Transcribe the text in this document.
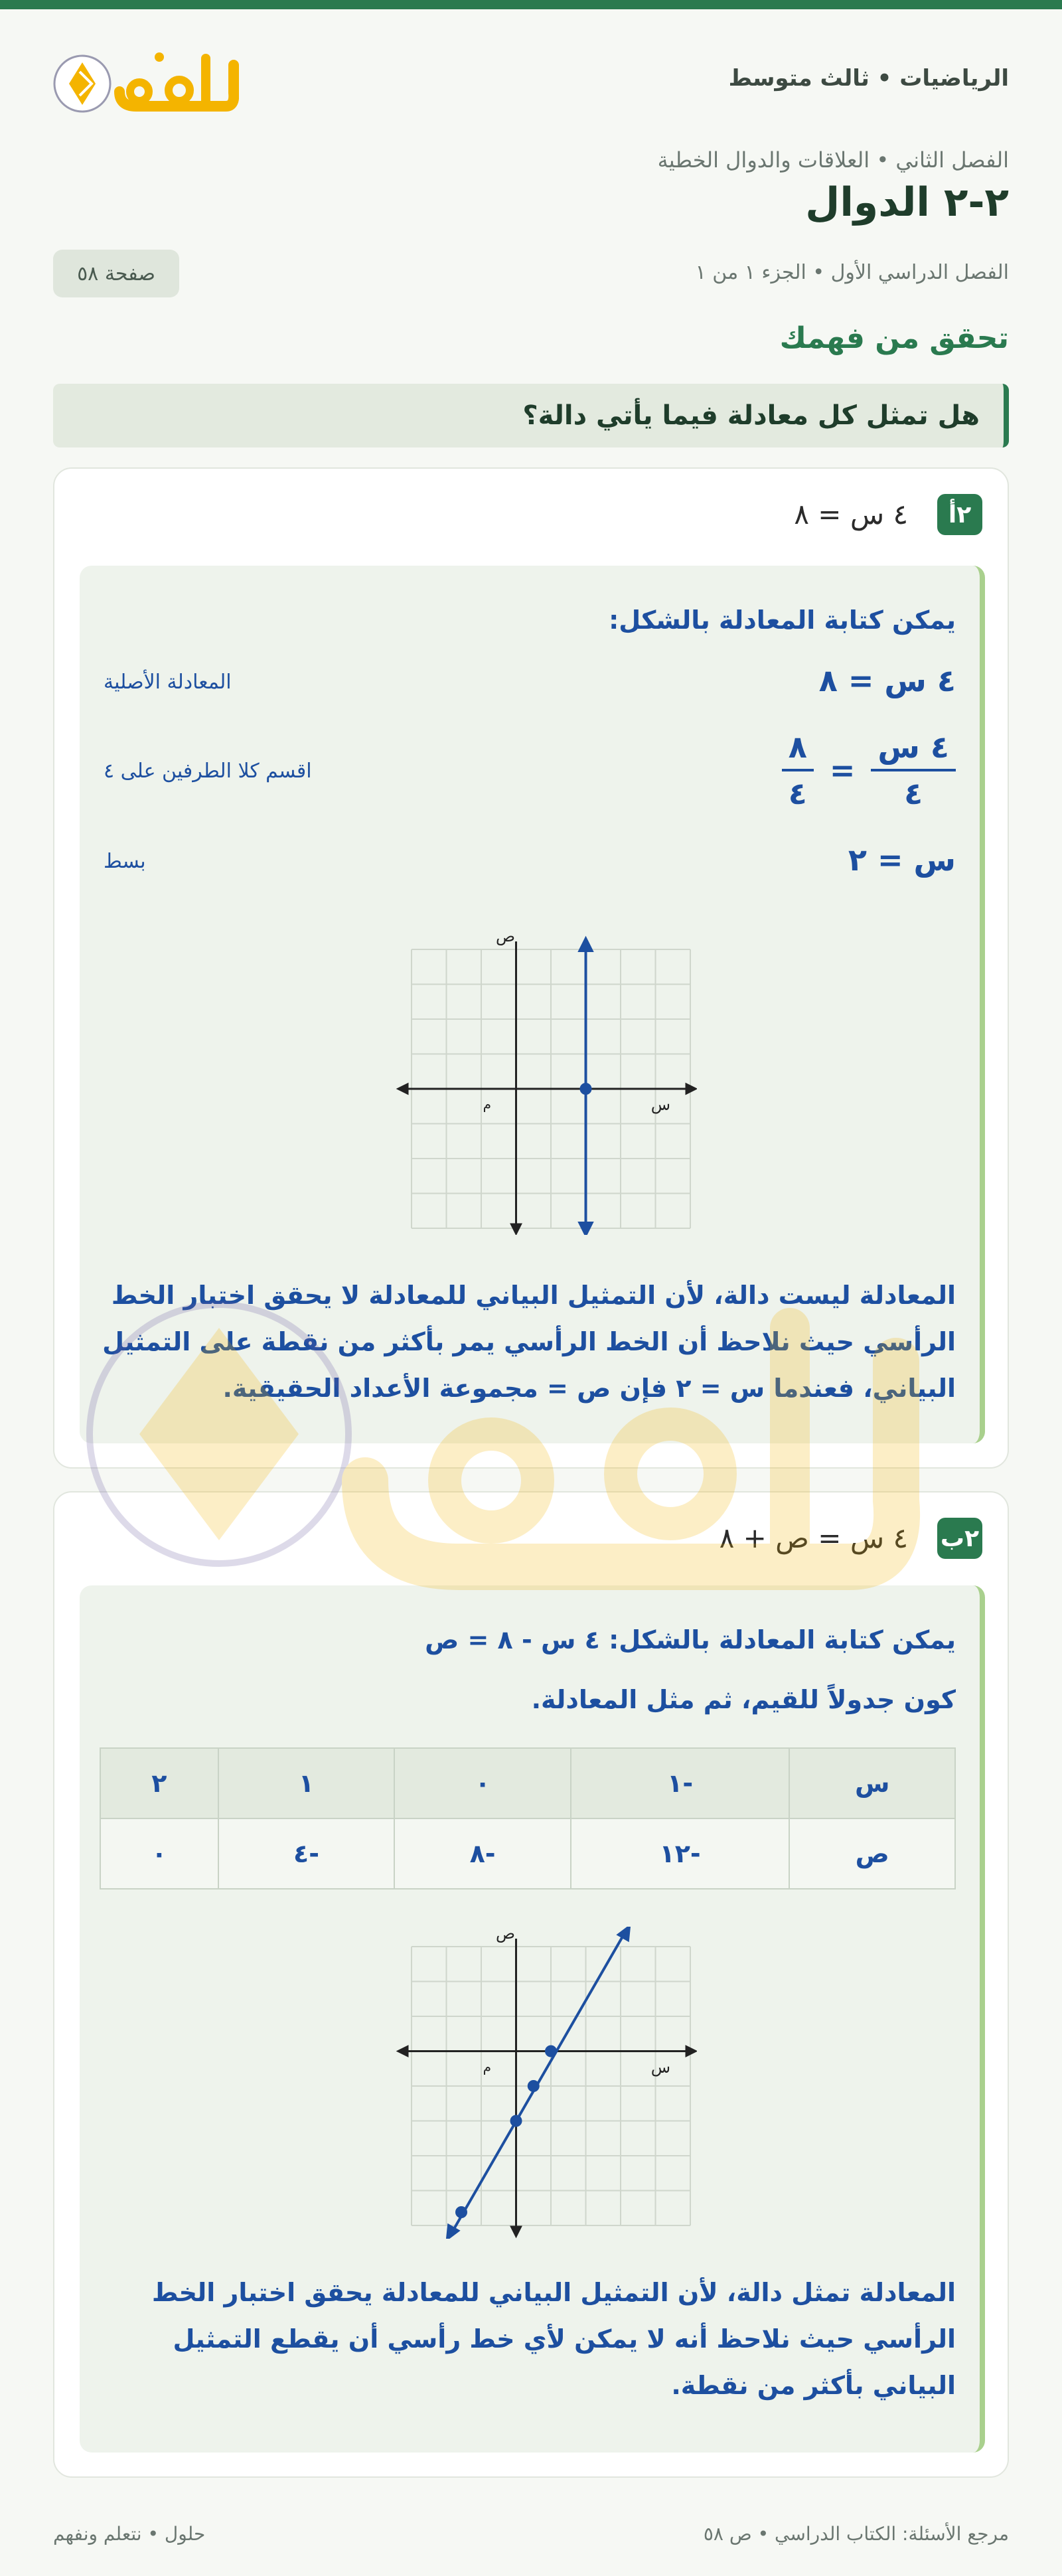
الرياضيات • ثالث متوسط
الفصل الثاني • العلاقات والدوال الخطية
٢-٢ الدوال
الفصل الدراسي الأول • الجزء ١ من ١
صفحة ٥٨
تحقق من فهمك
هل تمثل كل معادلة فيما يأتي دالة؟
٢أ
٤ س = ٨
يمكن كتابة المعادلة بالشكل:
٤ س = ٨
المعادلة الأصلية
٤ س
٤
=
٨
٤
اقسم كلا الطرفين على ٤
س = ٢
بسط
ص
س
م
المعادلة ليست دالة، لأن التمثيل البياني للمعادلة لا يحقق اختبار الخط الرأسي حيث نلاحظ أن الخط الرأسي يمر بأكثر من نقطة على التمثيل البياني، فعندما س = ٢ فإن ص = مجموعة الأعداد الحقيقية.
٢ب
٤ س = ص + ٨
يمكن كتابة المعادلة بالشكل: ٤ س - ٨ = ص
كون جدولاً للقيم، ثم مثل المعادلة.
س	-١	٠	١	٢
ص	-١٢	-٨	-٤	٠
ص
س
م
المعادلة تمثل دالة، لأن التمثيل البياني للمعادلة يحقق اختبار الخط الرأسي حيث نلاحظ أنه لا يمكن لأي خط رأسي أن يقطع التمثيل البياني بأكثر من نقطة.
مرجع الأسئلة: الكتاب الدراسي • ص ٥٨
حلول • نتعلم ونفهم
